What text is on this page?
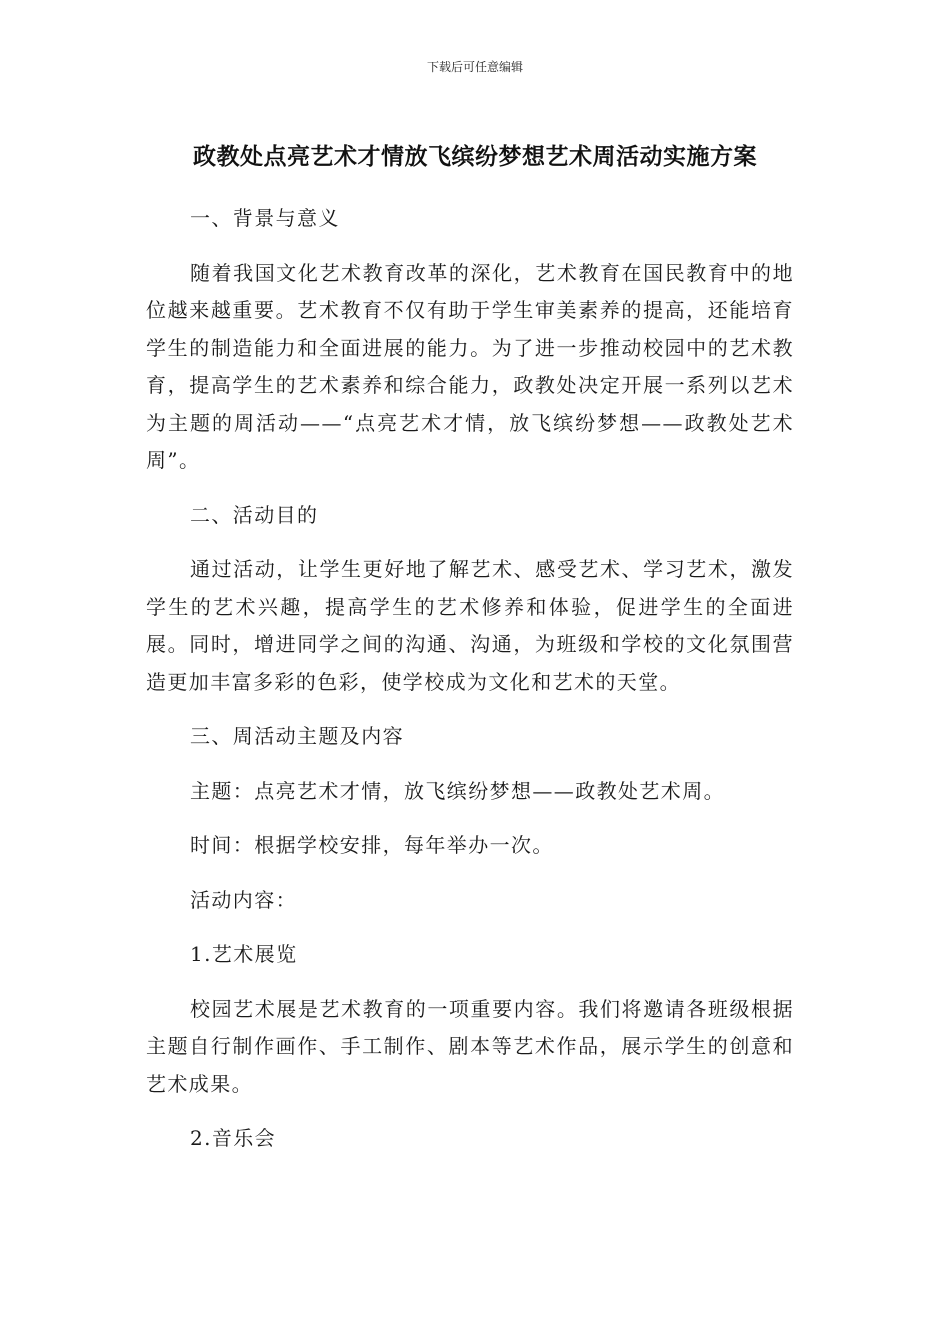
下载后可任意编辑
政教处点亮艺术才情放飞缤纷梦想艺术周活动实施方案
一、背景与意义
随着我国文化艺术教育改革的深化，艺术教育在国民教育中的地位越来越重要。艺术教育不仅有助于学生审美素养的提高，还能培育学生的制造能力和全面进展的能力。为了进一步推动校园中的艺术教育，提高学生的艺术素养和综合能力，政教处决定开展一系列以艺术为主题的周活动——“点亮艺术才情，放飞缤纷梦想——政教处艺术周”。
二、活动目的
通过活动，让学生更好地了解艺术、感受艺术、学习艺术，激发学生的艺术兴趣，提高学生的艺术修养和体验，促进学生的全面进展。同时，增进同学之间的沟通、沟通，为班级和学校的文化氛围营造更加丰富多彩的色彩，使学校成为文化和艺术的天堂。
三、周活动主题及内容
主题：点亮艺术才情，放飞缤纷梦想——政教处艺术周。
时间：根据学校安排，每年举办一次。
活动内容：
1.艺术展览
校园艺术展是艺术教育的一项重要内容。我们将邀请各班级根据主题自行制作画作、手工制作、剧本等艺术作品，展示学生的创意和艺术成果。
2.音乐会
